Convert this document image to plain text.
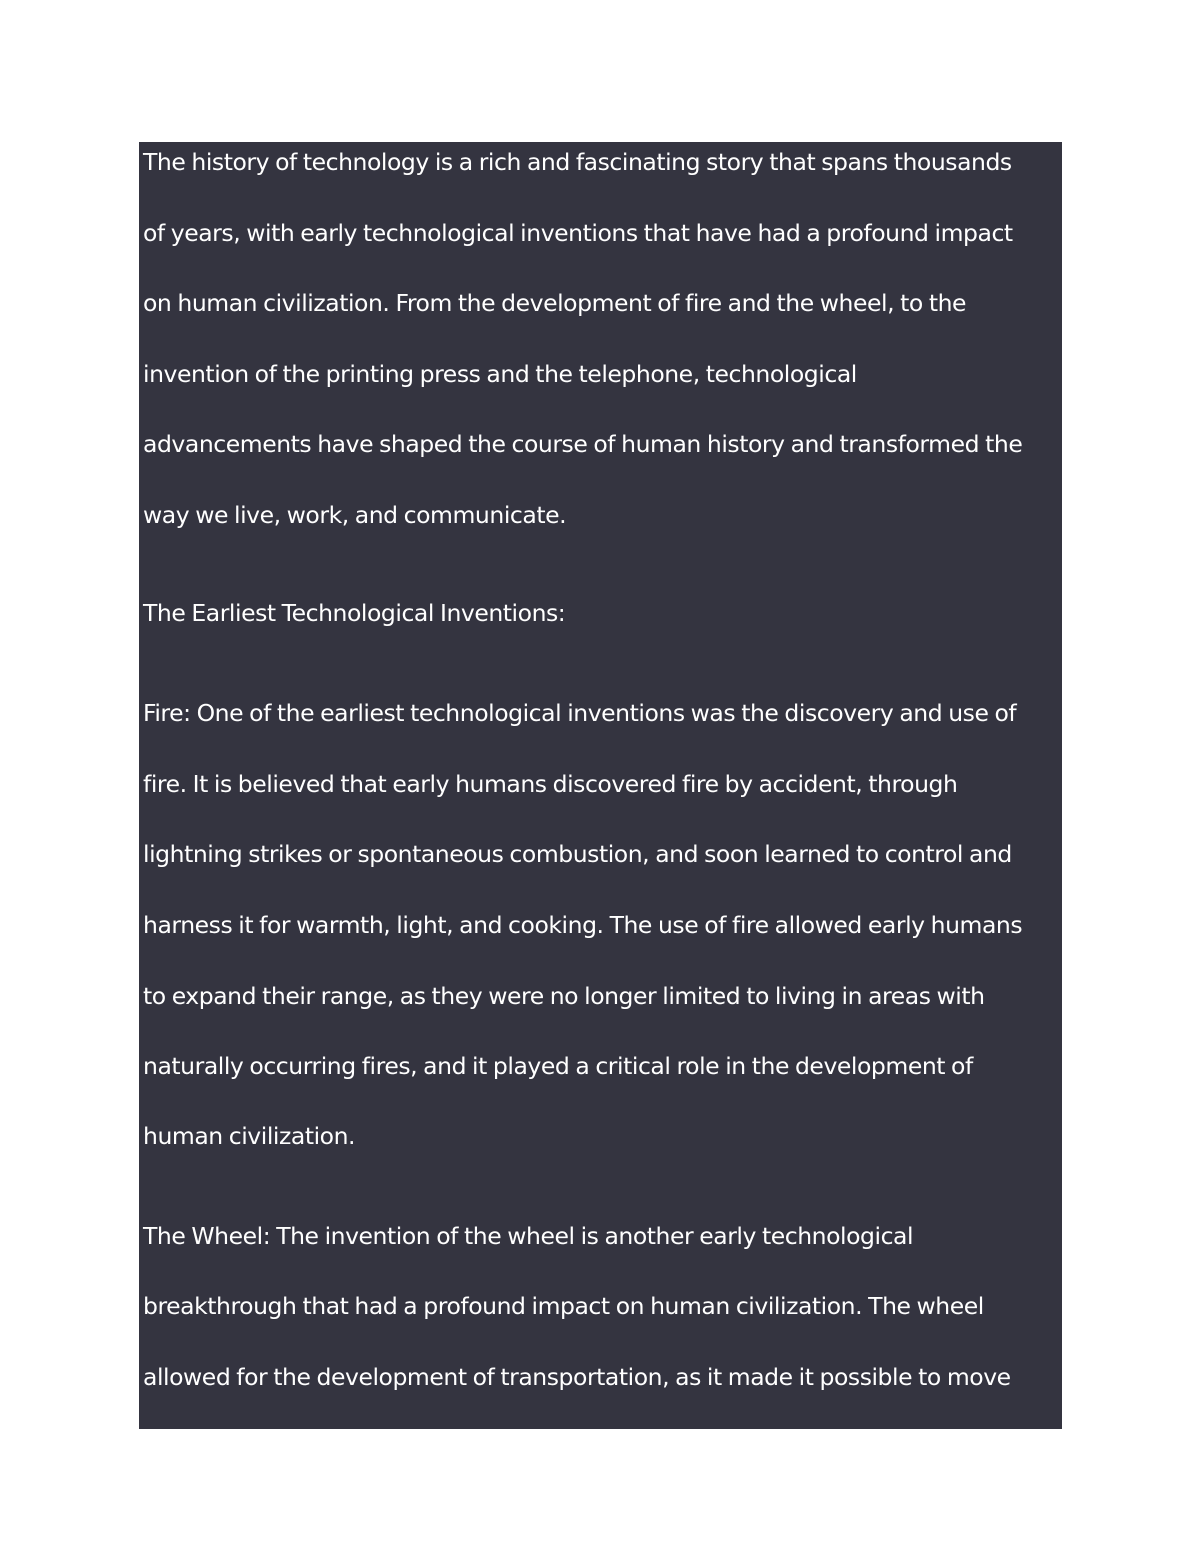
The history of technology is a rich and fascinating story that spans thousands
of years, with early technological inventions that have had a profound impact
on human civilization. From the development of fire and the wheel, to the
invention of the printing press and the telephone, technological
advancements have shaped the course of human history and transformed the
way we live, work, and communicate.
The Earliest Technological Inventions:
Fire: One of the earliest technological inventions was the discovery and use of
fire. It is believed that early humans discovered fire by accident, through
lightning strikes or spontaneous combustion, and soon learned to control and
harness it for warmth, light, and cooking. The use of fire allowed early humans
to expand their range, as they were no longer limited to living in areas with
naturally occurring fires, and it played a critical role in the development of
human civilization.
The Wheel: The invention of the wheel is another early technological
breakthrough that had a profound impact on human civilization. The wheel
allowed for the development of transportation, as it made it possible to move
